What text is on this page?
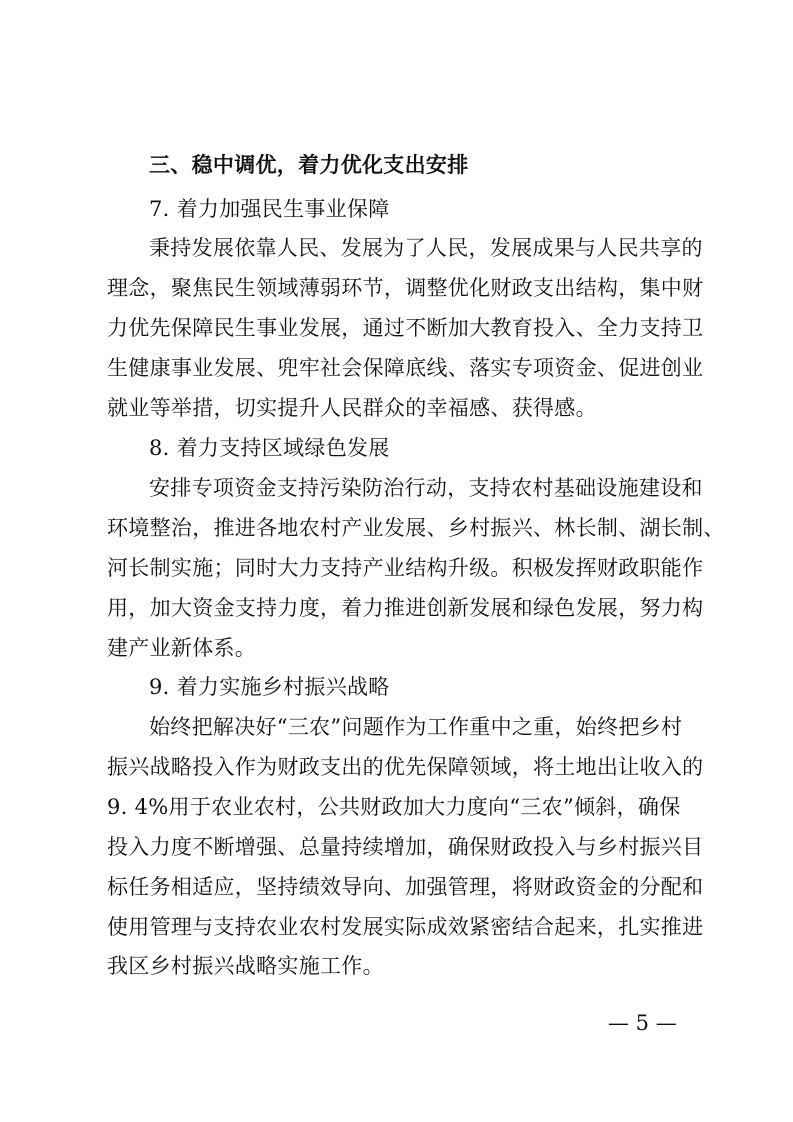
三、稳中调优，着力优化支出安排
7. 着力加强民生事业保障
秉持发展依靠人民、发展为了人民，发展成果与人民共享的
理念，聚焦民生领域薄弱环节，调整优化财政支出结构，集中财
力优先保障民生事业发展，通过不断加大教育投入、全力支持卫
生健康事业发展、兜牢社会保障底线、落实专项资金、促进创业
就业等举措，切实提升人民群众的幸福感、获得感。
8. 着力支持区域绿色发展
安排专项资金支持污染防治行动，支持农村基础设施建设和
环境整治，推进各地农村产业发展、乡村振兴、林长制、湖长制、
河长制实施；同时大力支持产业结构升级。积极发挥财政职能作
用，加大资金支持力度，着力推进创新发展和绿色发展，努力构
建产业新体系。
9. 着力实施乡村振兴战略
始终把解决好“三农”问题作为工作重中之重，始终把乡村
振兴战略投入作为财政支出的优先保障领域，将土地出让收入的
9. 4%用于农业农村，公共财政加大力度向“三农”倾斜，确保
投入力度不断增强、总量持续增加，确保财政投入与乡村振兴目
标任务相适应，坚持绩效导向、加强管理，将财政资金的分配和
使用管理与支持农业农村发展实际成效紧密结合起来，扎实推进
我区乡村振兴战略实施工作。
— 5 —
